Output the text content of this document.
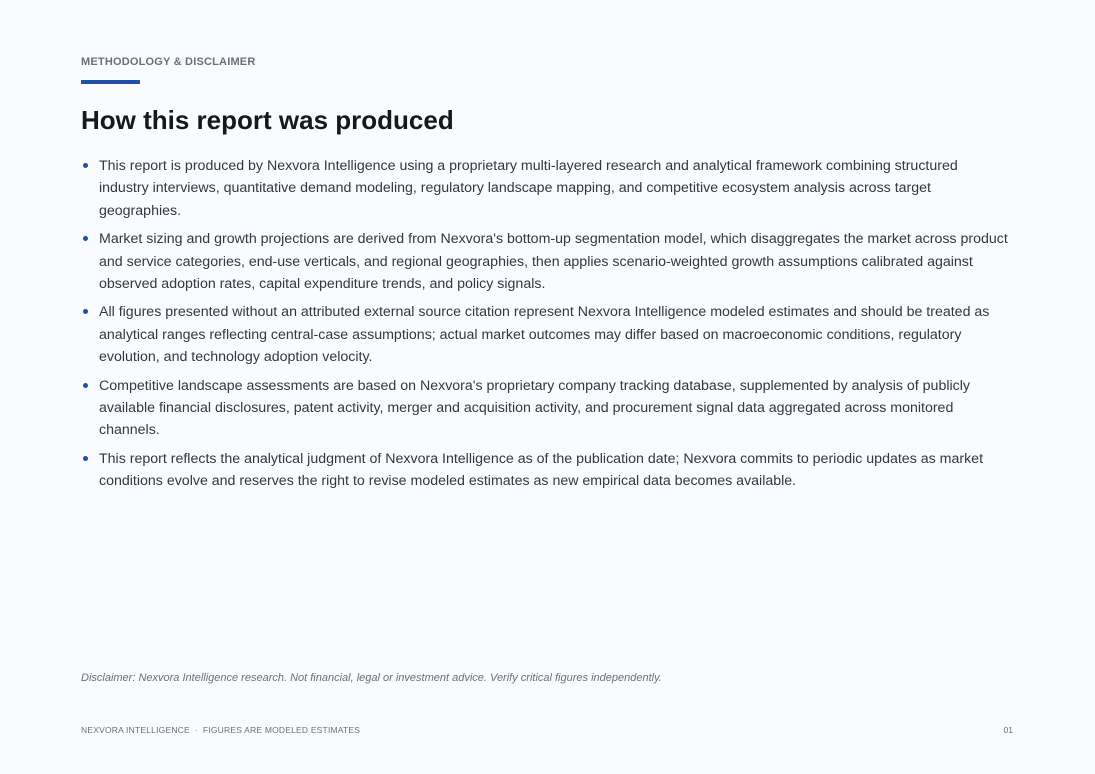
METHODOLOGY & DISCLAIMER
How this report was produced
This report is produced by Nexvora Intelligence using a proprietary multi-layered research and analytical framework combining structured industry interviews, quantitative demand modeling, regulatory landscape mapping, and competitive ecosystem analysis across target geographies.
Market sizing and growth projections are derived from Nexvora's bottom-up segmentation model, which disaggregates the market across product and service categories, end-use verticals, and regional geographies, then applies scenario-weighted growth assumptions calibrated against observed adoption rates, capital expenditure trends, and policy signals.
All figures presented without an attributed external source citation represent Nexvora Intelligence modeled estimates and should be treated as analytical ranges reflecting central-case assumptions; actual market outcomes may differ based on macroeconomic conditions, regulatory evolution, and technology adoption velocity.
Competitive landscape assessments are based on Nexvora's proprietary company tracking database, supplemented by analysis of publicly available financial disclosures, patent activity, merger and acquisition activity, and procurement signal data aggregated across monitored channels.
This report reflects the analytical judgment of Nexvora Intelligence as of the publication date; Nexvora commits to periodic updates as market conditions evolve and reserves the right to revise modeled estimates as new empirical data becomes available.
Disclaimer: Nexvora Intelligence research. Not financial, legal or investment advice. Verify critical figures independently.
NEXVORA INTELLIGENCE · FIGURES ARE MODELED ESTIMATES	01
